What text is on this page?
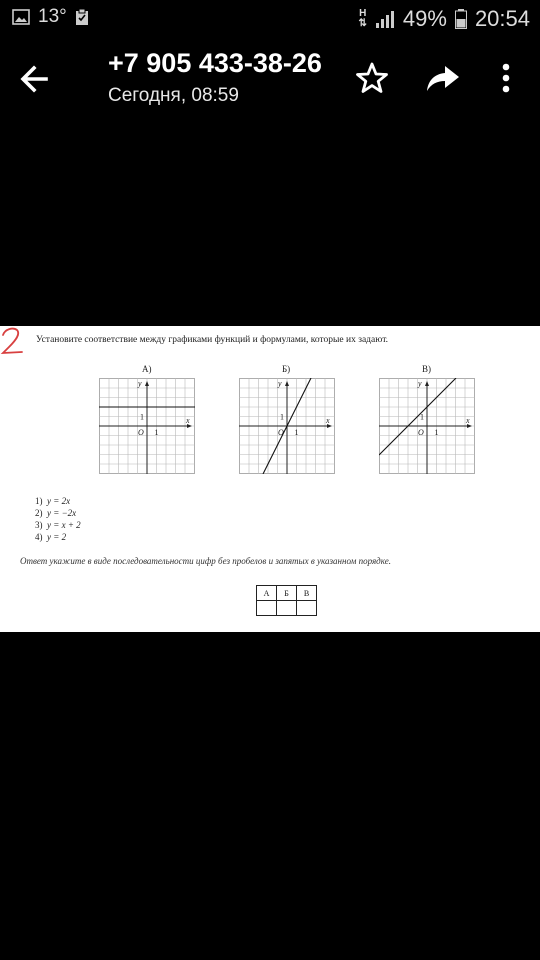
13°	H
⇅ 49% 20:54
+7 905 433-38-26
Сегодня, 08:59
Установите соответствие между графиками функций и формулами, которые их задают.
А)	Б)	В)
y
x
O 1
1
y
x
O 1
1
y
x
O 1
1
1) y = 2x
2) y = −2x
3) y = x + 2
4) y = 2
Ответ укажите в виде последовательности цифр без пробелов и запятых в указанном порядке.
А	Б	В
